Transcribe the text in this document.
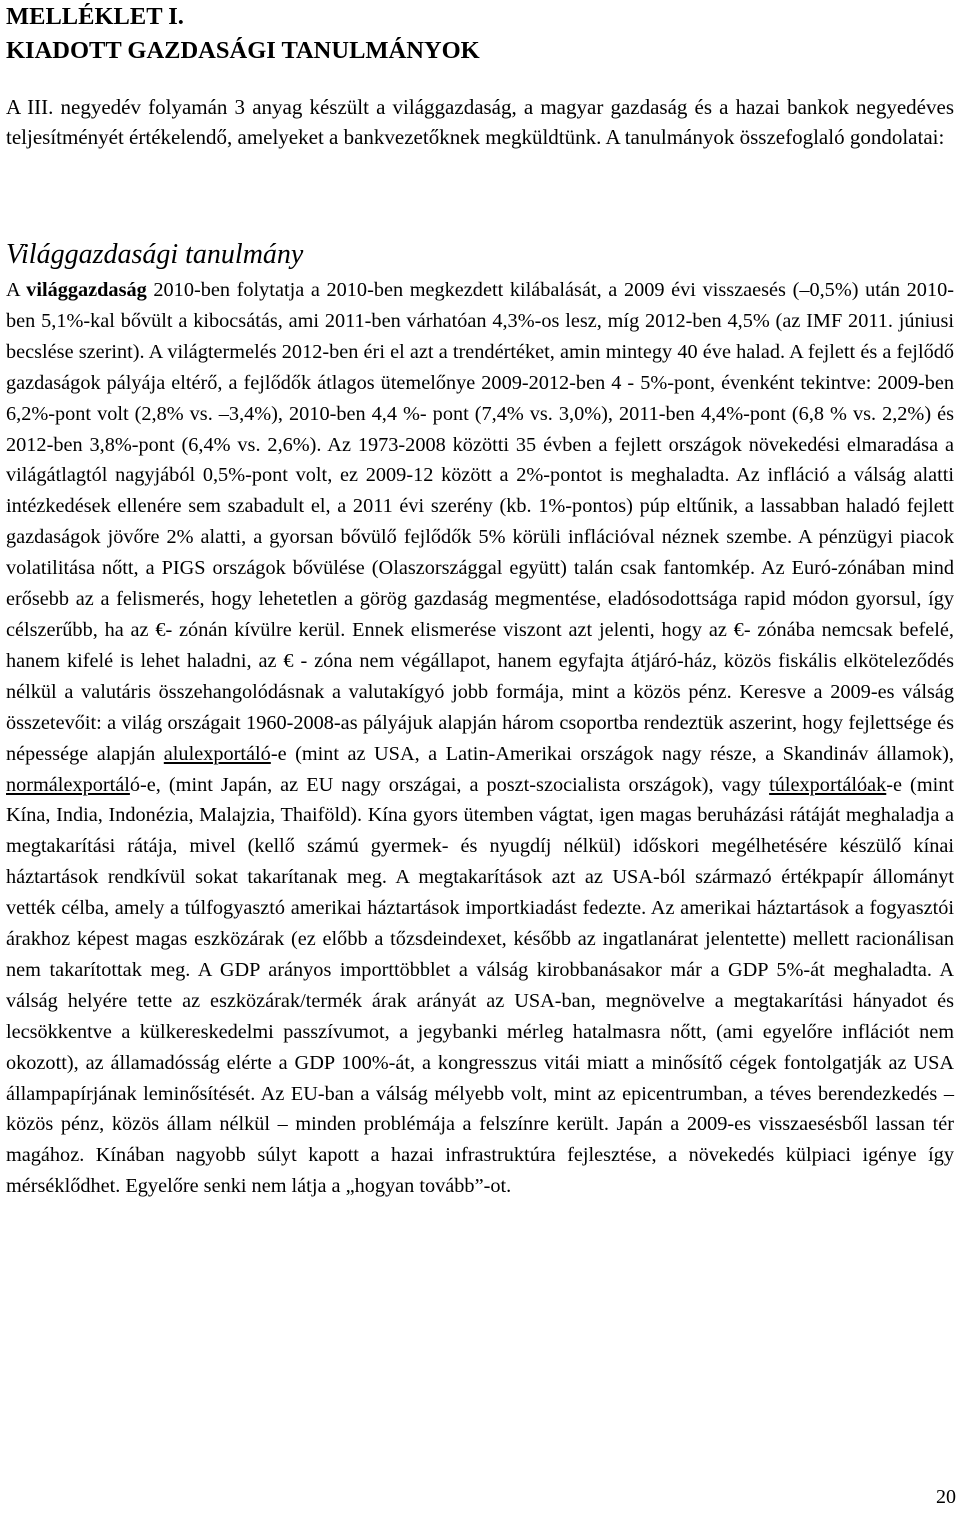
MELLÉKLET I.
KIADOTT GAZDASÁGI TANULMÁNYOK

A III. negyedév folyamán 3 anyag készült a világgazdaság, a magyar gazdaság és a hazai bankok negyedéves teljesítményét értékelendő, amelyeket a bankvezetőknek megküldtünk. A tanulmányok összefoglaló gondolatai:

Világgazdasági tanulmány

A világgazdaság 2010-ben folytatja a 2010-ben megkezdett kilábalását, a 2009 évi visszaesés (–0,5%) után 2010-ben 5,1%-kal bővült a kibocsátás, ami 2011-ben várhatóan 4,3%-os lesz, míg 2012-ben 4,5% (az IMF 2011. júniusi becslése szerint). A világtermelés 2012-ben éri el azt a trendértéket, amin mintegy 40 éve halad. A fejlett és a fejlődő gazdaságok pályája eltérő, a fejlődők átlagos ütemelőnye 2009-2012-ben 4 - 5%-pont, évenként tekintve: 2009-ben 6,2%-pont volt (2,8% vs. –3,4%), 2010-ben 4,4 %- pont (7,4% vs. 3,0%), 2011-ben 4,4%-pont (6,8 % vs. 2,2%) és 2012-ben 3,8%-pont (6,4% vs. 2,6%). Az 1973-2008 közötti 35 évben a fejlett országok növekedési elmaradása a világátlagtól nagyjából 0,5%-pont volt, ez 2009-12 között a 2%-pontot is meghaladta. Az infláció a válság alatti intézkedések ellenére sem szabadult el, a 2011 évi szerény (kb. 1%-pontos) púp eltűnik, a lassabban haladó fejlett gazdaságok jövőre 2% alatti, a gyorsan bővülő fejlődők 5% körüli inflációval néznek szembe. A pénzügyi piacok volatilitása nőtt, a PIGS országok bővülése (Olaszországgal együtt) talán csak fantomkép. Az Euró-zónában mind erősebb az a felismerés, hogy lehetetlen a görög gazdaság megmentése, eladósodottsága rapid módon gyorsul, így célszerűbb, ha az €- zónán kívülre kerül. Ennek elismerése viszont azt jelenti, hogy az €- zónába nemcsak befelé, hanem kifelé is lehet haladni, az € - zóna nem végállapot, hanem egyfajta átjáró-ház, közös fiskális elköteleződés nélkül a valutáris összehangolódásnak a valutakígyó jobb formája, mint a közös pénz. Keresve a 2009-es válság összetevőit: a világ országait 1960-2008-as pályájuk alapján három csoportba rendeztük aszerint, hogy fejlettsége és népessége alapján alulexportáló-e (mint az USA, a Latin-Amerikai országok nagy része, a Skandináv államok), normálexportáló-e, (mint Japán, az EU nagy országai, a poszt-szocialista országok), vagy túlexportálóak-e (mint Kína, India, Indonézia, Malajzia, Thaiföld). Kína gyors ütemben vágtat, igen magas beruházási rátáját meghaladja a megtakarítási rátája, mivel (kellő számú gyermek- és nyugdíj nélkül) időskori megélhetésére készülő kínai háztartások rendkívül sokat takarítanak meg. A megtakarítások azt az USA-ból származó értékpapír állományt vették célba, amely a túlfogyasztó amerikai háztartások importkiadást fedezte. Az amerikai háztartások a fogyasztói árakhoz képest magas eszközárak (ez előbb a tőzsdeindexet, később az ingatlanárat jelentette) mellett racionálisan nem takarítottak meg. A GDP arányos importtöbblet a válság kirobbanásakor már a GDP 5%-át meghaladta. A válság helyére tette az eszközárak/termék árak arányát az USA-ban, megnövelve a megtakarítási hányadot és lecsökkentve a külkereskedelmi passzívumot, a jegybanki mérleg hatalmasra nőtt, (ami egyelőre inflációt nem okozott), az államadósság elérte a GDP 100%-át, a kongresszus vitái miatt a minősítő cégek fontolgatják az USA állampapírjának leminősítését. Az EU-ban a válság mélyebb volt, mint az epicentrumban, a téves berendezkedés – közös pénz, közös állam nélkül – minden problémája a felszínre került. Japán a 2009-es visszaesésből lassan tér magához. Kínában nagyobb súlyt kapott a hazai infrastruktúra fejlesztése, a növekedés külpiaci igénye így mérséklődhet. Egyelőre senki nem látja a „hogyan tovább”-ot.

20
